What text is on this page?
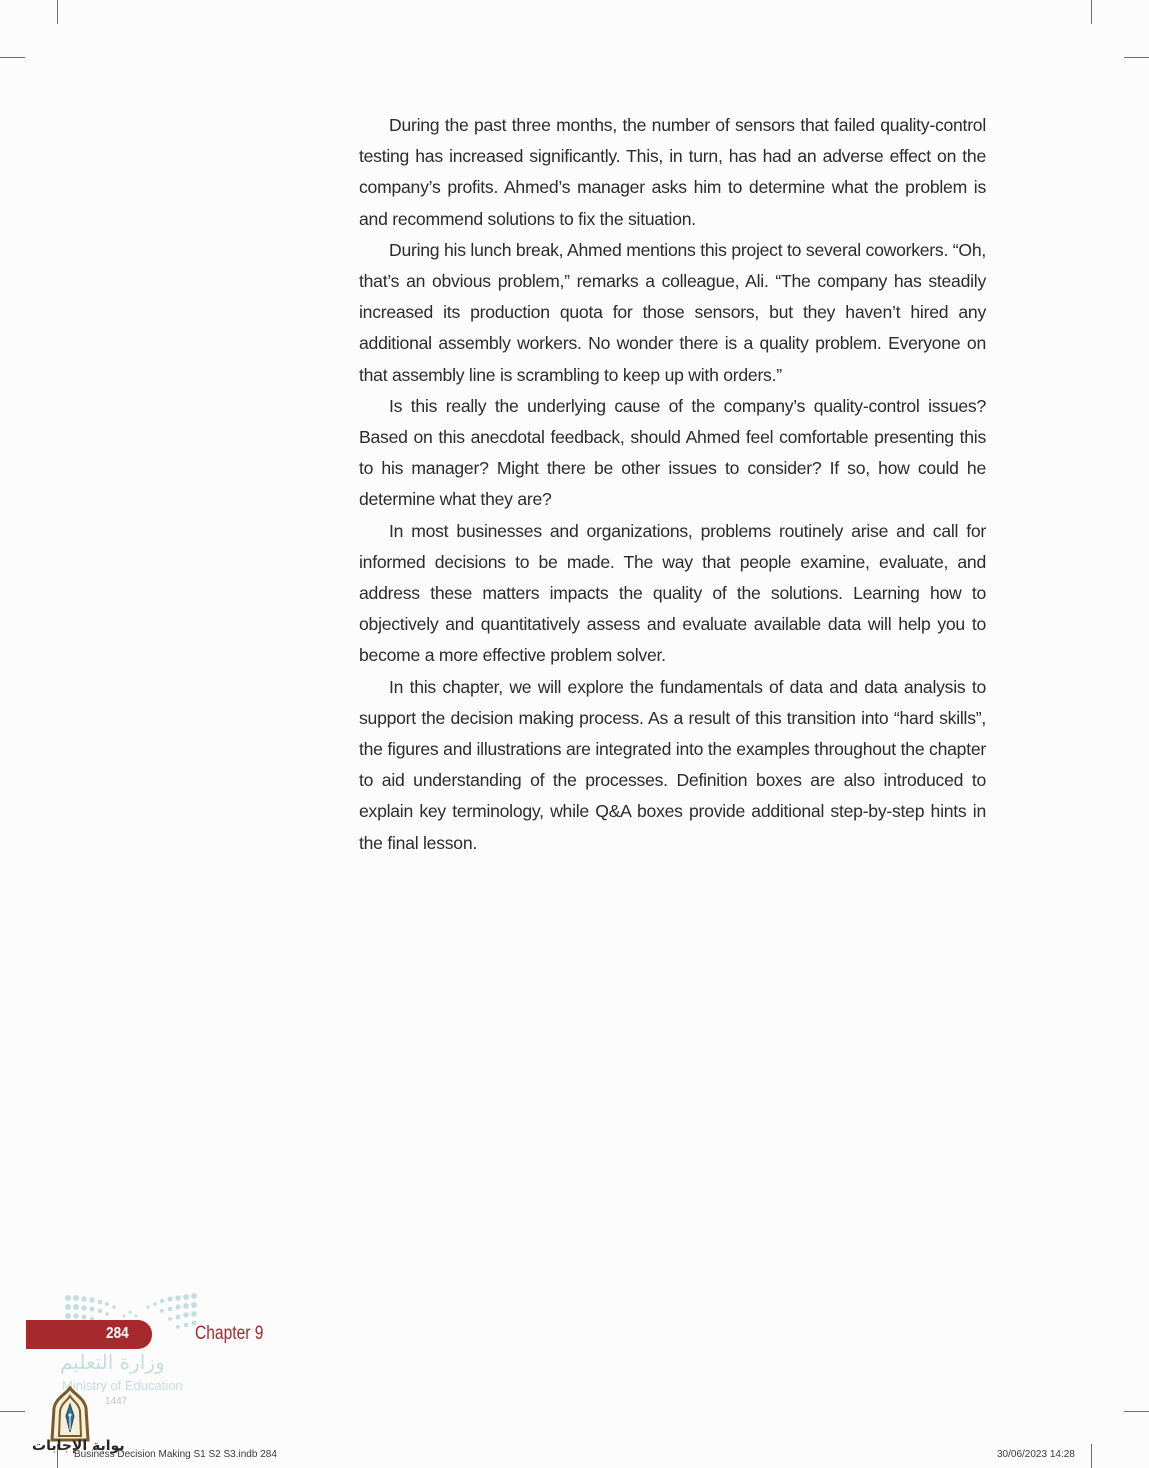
During the past three months, the number of sensors that failed quality-control testing has increased significantly. This, in turn, has had an adverse effect on the company’s profits. Ahmed’s manager asks him to determine what the problem is and recommend solutions to fix the situation.

During his lunch break, Ahmed mentions this project to several coworkers. “Oh, that’s an obvious problem,” remarks a colleague, Ali. “The company has steadily increased its production quota for those sensors, but they haven’t hired any additional assembly workers. No wonder there is a quality problem. Everyone on that assembly line is scrambling to keep up with orders.”

Is this really the underlying cause of the company’s quality-control issues? Based on this anecdotal feedback, should Ahmed feel comfortable presenting this to his manager? Might there be other issues to consider? If so, how could he determine what they are?

In most businesses and organizations, problems routinely arise and call for informed decisions to be made. The way that people examine, evaluate, and address these matters impacts the quality of the solutions. Learning how to objectively and quantitatively assess and evaluate available data will help you to become a more effective problem solver.

In this chapter, we will explore the fundamentals of data and data analysis to support the decision making process. As a result of this transition into “hard skills”, the figures and illustrations are integrated into the examples throughout the chapter to aid understanding of the processes. Definition boxes are also introduced to explain key terminology, while Q&A boxes provide additional step-by-step hints in the final lesson.

284	Chapter 9
وزارة التعليم
Ministry of Education
1447
بوابة الإجابات
Business Decision Making S1 S2 S3.indb 284	30/06/2023 14:28
